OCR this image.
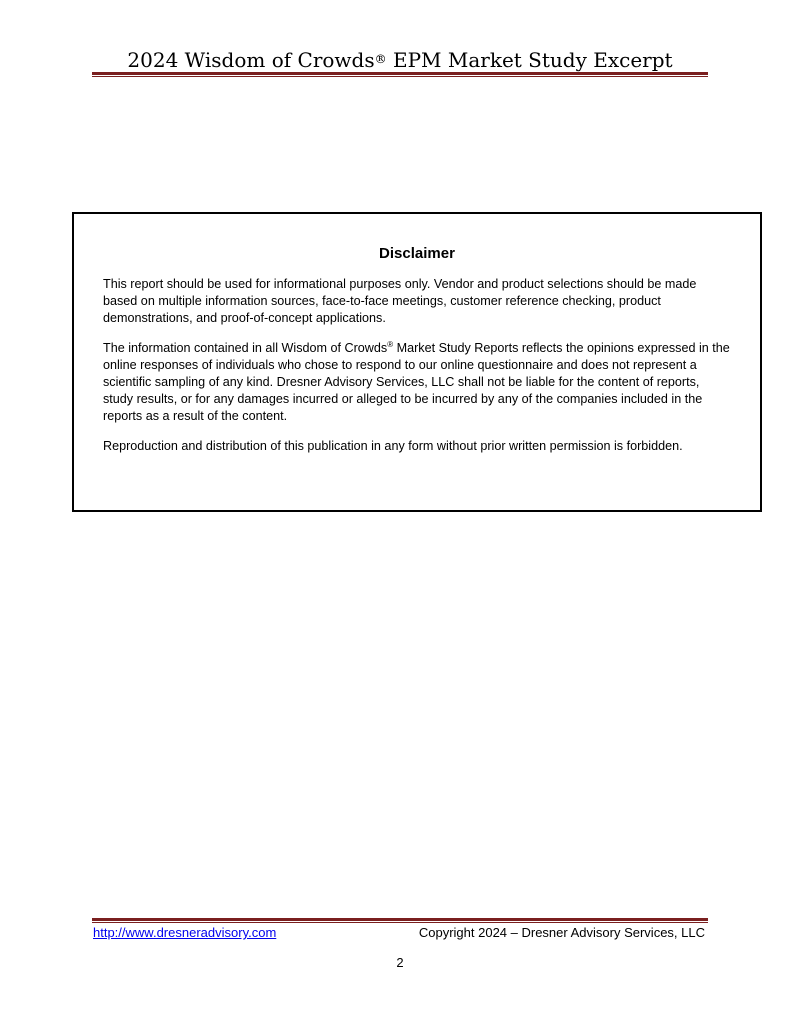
2024 Wisdom of Crowds® EPM Market Study Excerpt
Disclaimer

This report should be used for informational purposes only. Vendor and product selections should be made based on multiple information sources, face-to-face meetings, customer reference checking, product demonstrations, and proof-of-concept applications.

The information contained in all Wisdom of Crowds® Market Study Reports reflects the opinions expressed in the online responses of individuals who chose to respond to our online questionnaire and does not represent a scientific sampling of any kind. Dresner Advisory Services, LLC shall not be liable for the content of reports, study results, or for any damages incurred or alleged to be incurred by any of the companies included in the reports as a result of the content.

Reproduction and distribution of this publication in any form without prior written permission is forbidden.

http://www.dresneradvisory.com	Copyright 2024 – Dresner Advisory Services, LLC
2
